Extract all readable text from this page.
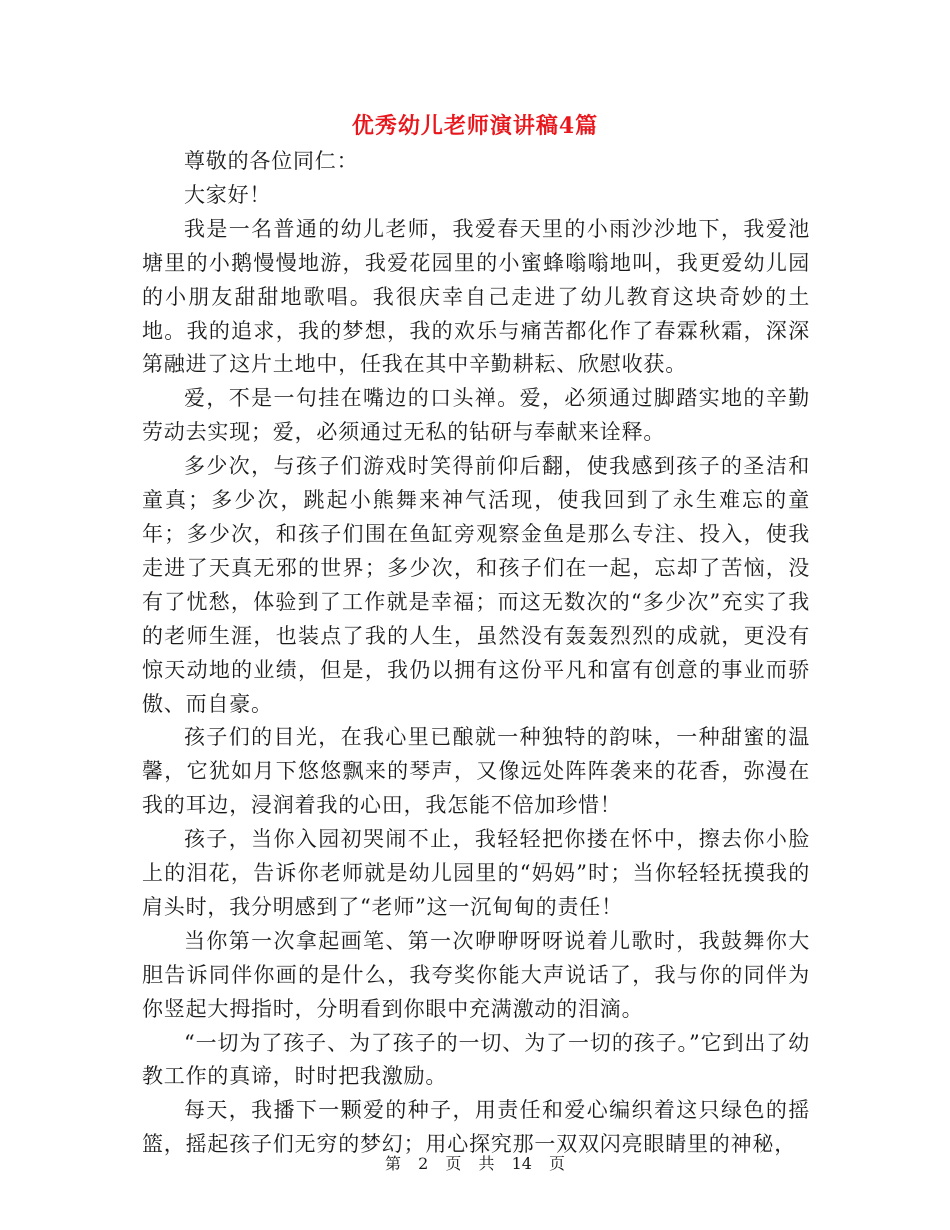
优秀幼儿老师演讲稿4篇

尊敬的各位同仁：

大家好！

我是一名普通的幼儿老师，我爱春天里的小雨沙沙地下，我爱池塘里的小鹅慢慢地游，我爱花园里的小蜜蜂嗡嗡地叫，我更爱幼儿园的小朋友甜甜地歌唱。我很庆幸自己走进了幼儿教育这块奇妙的土地。我的追求，我的梦想，我的欢乐与痛苦都化作了春霖秋霜，深深第融进了这片土地中，任我在其中辛勤耕耘、欣慰收获。

爱，不是一句挂在嘴边的口头禅。爱，必须通过脚踏实地的辛勤劳动去实现；爱，必须通过无私的钻研与奉献来诠释。

多少次，与孩子们游戏时笑得前仰后翻，使我感到孩子的圣洁和童真；多少次，跳起小熊舞来神气活现，使我回到了永生难忘的童年；多少次，和孩子们围在鱼缸旁观察金鱼是那么专注、投入，使我走进了天真无邪的世界；多少次，和孩子们在一起，忘却了苦恼，没有了忧愁，体验到了工作就是幸福；而这无数次的“多少次”充实了我的老师生涯，也装点了我的人生，虽然没有轰轰烈烈的成就，更没有惊天动地的业绩，但是，我仍以拥有这份平凡和富有创意的事业而骄傲、而自豪。

孩子们的目光，在我心里已酿就一种独特的韵味，一种甜蜜的温馨，它犹如月下悠悠飘来的琴声，又像远处阵阵袭来的花香，弥漫在我的耳边，浸润着我的心田，我怎能不倍加珍惜！

孩子，当你入园初哭闹不止，我轻轻把你搂在怀中，擦去你小脸上的泪花，告诉你老师就是幼儿园里的“妈妈”时；当你轻轻抚摸我的肩头时，我分明感到了“老师”这一沉甸甸的责任！

当你第一次拿起画笔、第一次咿咿呀呀说着儿歌时，我鼓舞你大胆告诉同伴你画的是什么，我夸奖你能大声说话了，我与你的同伴为你竖起大拇指时，分明看到你眼中充满激动的泪滴。

“一切为了孩子、为了孩子的一切、为了一切的孩子。”它到出了幼教工作的真谛，时时把我激励。

每天，我播下一颗爱的种子，用责任和爱心编织着这只绿色的摇篮，摇起孩子们无穷的梦幻；用心探究那一双双闪亮眼睛里的神秘，

第 2 页 共 14 页
